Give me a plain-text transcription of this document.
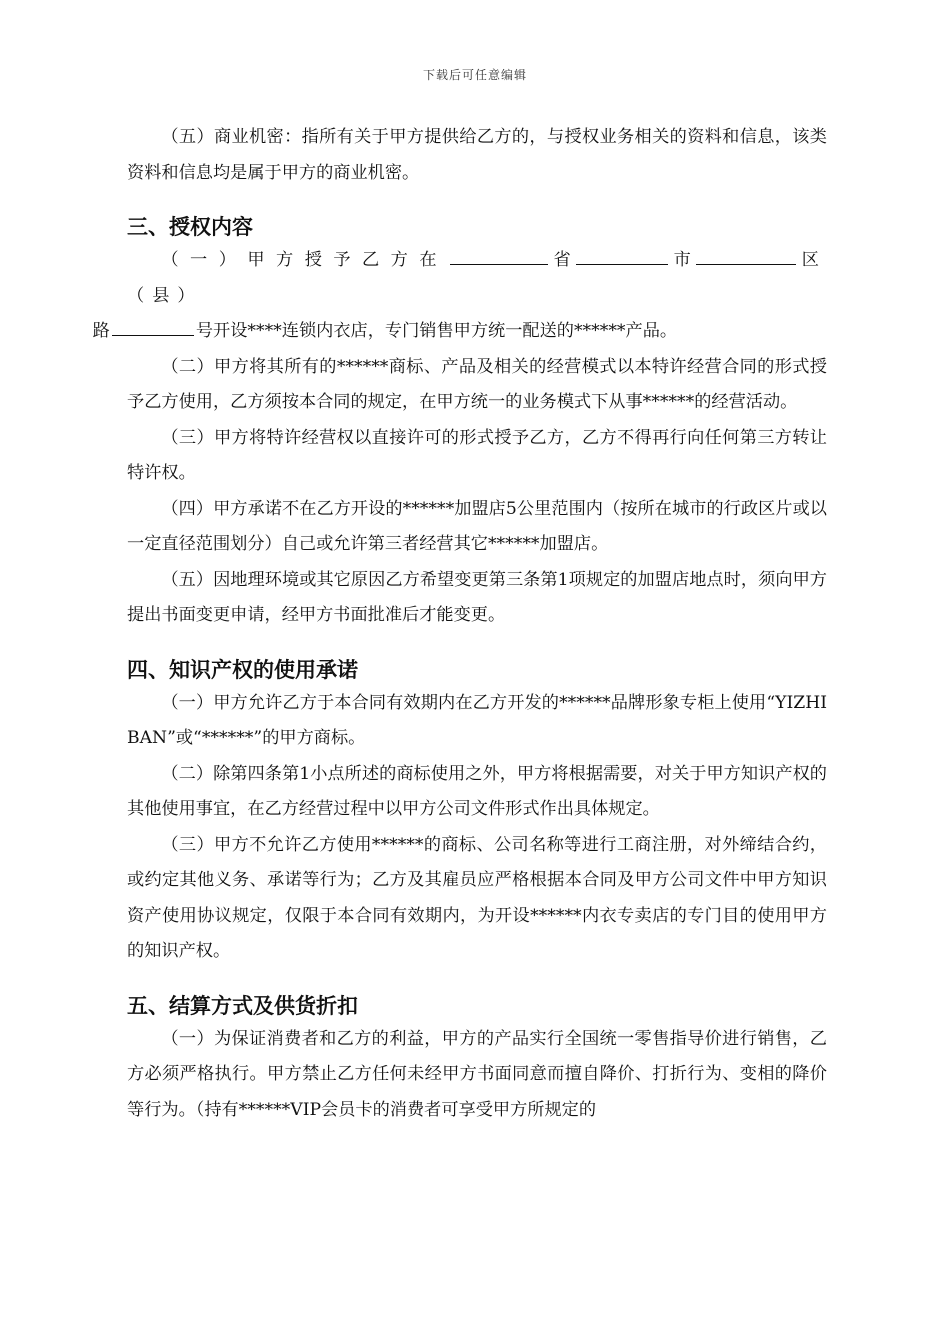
下载后可任意编辑

（五）商业机密：指所有关于甲方提供给乙方的，与授权业务相关的资料和信息，该类资料和信息均是属于甲方的商业机密。

三、授权内容

（一）甲方授予乙方在	省	市	区（县）
路	号开设****连锁内衣店，专门销售甲方统一配送的******产品。

（二）甲方将其所有的******商标、产品及相关的经营模式以本特许经营合同的形式授予乙方使用，乙方须按本合同的规定，在甲方统一的业务模式下从事******的经营活动。

（三）甲方将特许经营权以直接许可的形式授予乙方，乙方不得再行向任何第三方转让特许权。

（四）甲方承诺不在乙方开设的******加盟店5公里范围内（按所在城市的行政区片或以一定直径范围划分）自己或允许第三者经营其它******加盟店。

（五）因地理环境或其它原因乙方希望变更第三条第1项规定的加盟店地点时，须向甲方提出书面变更申请，经甲方书面批准后才能变更。

四、知识产权的使用承诺

（一）甲方允许乙方于本合同有效期内在乙方开发的******品牌形象专柜上使用“YIZHIBAN”或“******”的甲方商标。

（二）除第四条第1小点所述的商标使用之外，甲方将根据需要，对关于甲方知识产权的其他使用事宜，在乙方经营过程中以甲方公司文件形式作出具体规定。

（三）甲方不允许乙方使用******的商标、公司名称等进行工商注册，对外缔结合约，或约定其他义务、承诺等行为；乙方及其雇员应严格根据本合同及甲方公司文件中甲方知识资产使用协议规定，仅限于本合同有效期内，为开设******内衣专卖店的专门目的使用甲方的知识产权。

五、结算方式及供货折扣

（一）为保证消费者和乙方的利益，甲方的产品实行全国统一零售指导价进行销售，乙方必须严格执行。甲方禁止乙方任何未经甲方书面同意而擅自降价、打折行为、变相的降价等行为。（持有******VIP会员卡的消费者可享受甲方所规定的
